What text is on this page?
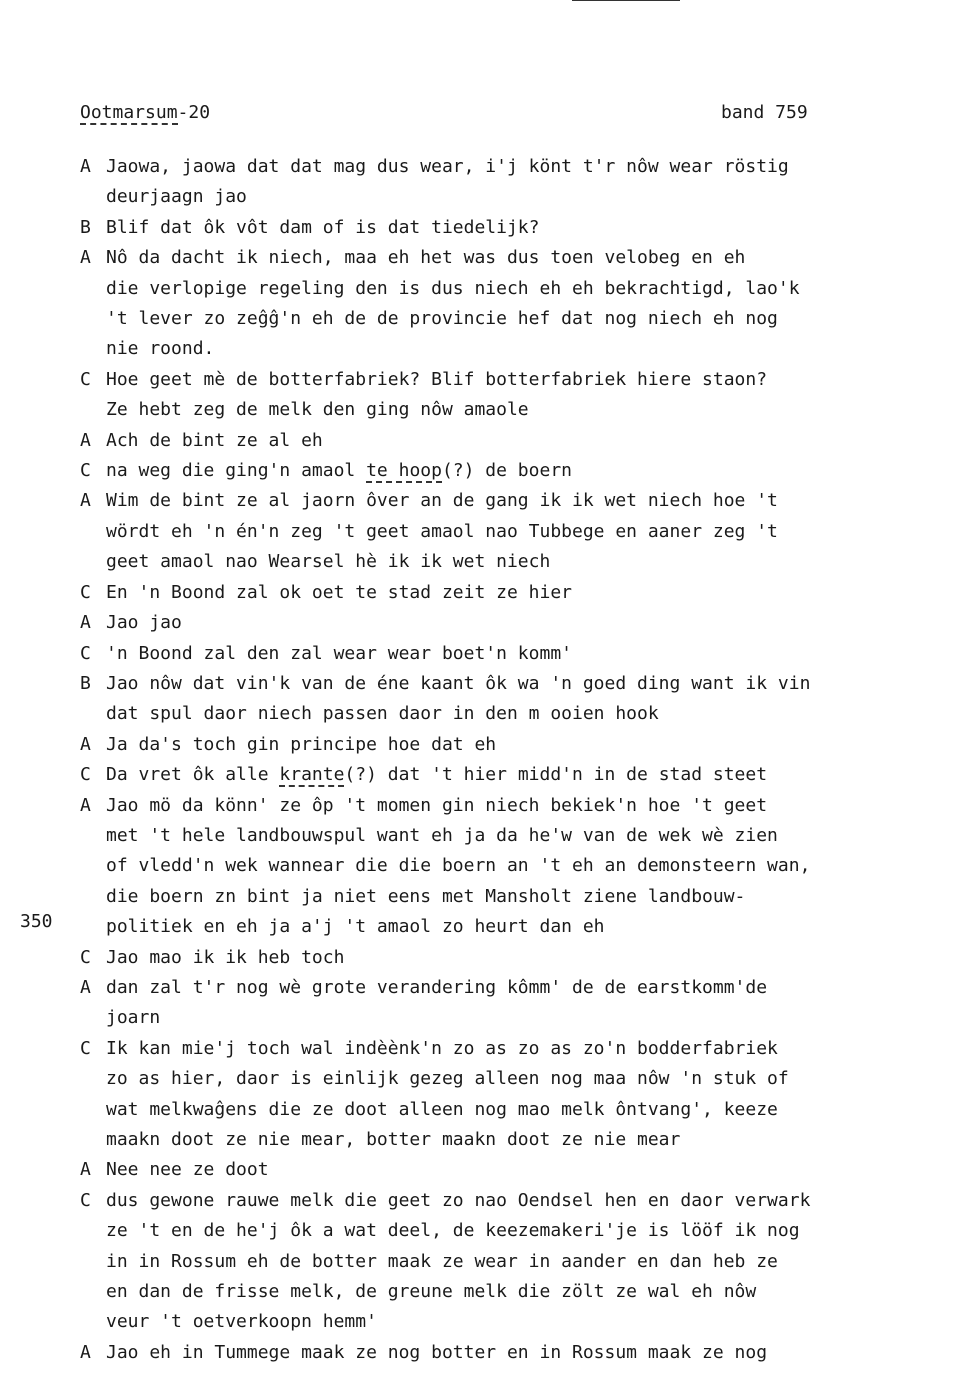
Ootmarsum-20	band 759
350
A Jaowa, jaowa dat dat mag dus wear, i'j könt t'r nôw wear röstig
deurjaagn jao
B Blif dat ôk vôt dam of is dat tiedelijk?
A Nô da dacht ik niech, maa eh het was dus toen velobeg en eh
die verlopige regeling den is dus niech eh eh bekrachtigd, lao'k
't lever zo zeĝĝ'n eh de de provincie hef dat nog niech eh nog
nie roond.
C Hoe geet mè de botterfabriek? Blif botterfabriek hiere staon?
Ze hebt zeg de melk den ging nôw amaole
A Ach de bint ze al eh
C na weg die ging'n amaol te hoop(?) de boern
A Wim de bint ze al jaorn ôver an de gang ik ik wet niech hoe 't
wördt eh 'n én'n zeg 't geet amaol nao Tubbege en aaner zeg 't
geet amaol nao Wearsel hè ik ik wet niech
C En 'n Boond zal ok oet te stad zeit ze hier
A Jao jao
C 'n Boond zal den zal wear wear boet'n komm'
B Jao nôw dat vin'k van de éne kaant ôk wa 'n goed ding want ik vin
dat spul daor niech passen daor in den m ooien hook
A Ja da's toch gin principe hoe dat eh
C Da vret ôk alle krante(?) dat 't hier midd'n in de stad steet
A Jao mö da könn' ze ôp 't momen gin niech bekiek'n hoe 't geet
met 't hele landbouwspul want eh ja da he'w van de wek wè zien
of vledd'n wek wannear die die boern an 't eh an demonsteern wan,
die boern zn bint ja niet eens met Mansholt ziene landbouw-
politiek en eh ja a'j 't amaol zo heurt dan eh
C Jao mao ik ik heb toch
A dan zal t'r nog wè grote verandering kômm' de de earstkomm'de
joarn
C Ik kan mie'j toch wal indèènk'n zo as zo as zo'n bodderfabriek
zo as hier, daor is einlijk gezeg alleen nog maa nôw 'n stuk of
wat melkwaĝens die ze doot alleen nog mao melk ôntvang', keeze
maakn doot ze nie mear, botter maakn doot ze nie mear
A Nee nee ze doot
C dus gewone rauwe melk die geet zo nao Oendsel hen en daor verwark
ze 't en de he'j ôk a wat deel, de keezemakeri'je is lööf ik nog
in in Rossum eh de botter maak ze wear in aander en dan heb ze
en dan de frisse melk, de greune melk die zölt ze wal eh nôw
veur 't oetverkoopn hemm'
A Jao eh in Tummege maak ze nog botter en in Rossum maak ze nog
